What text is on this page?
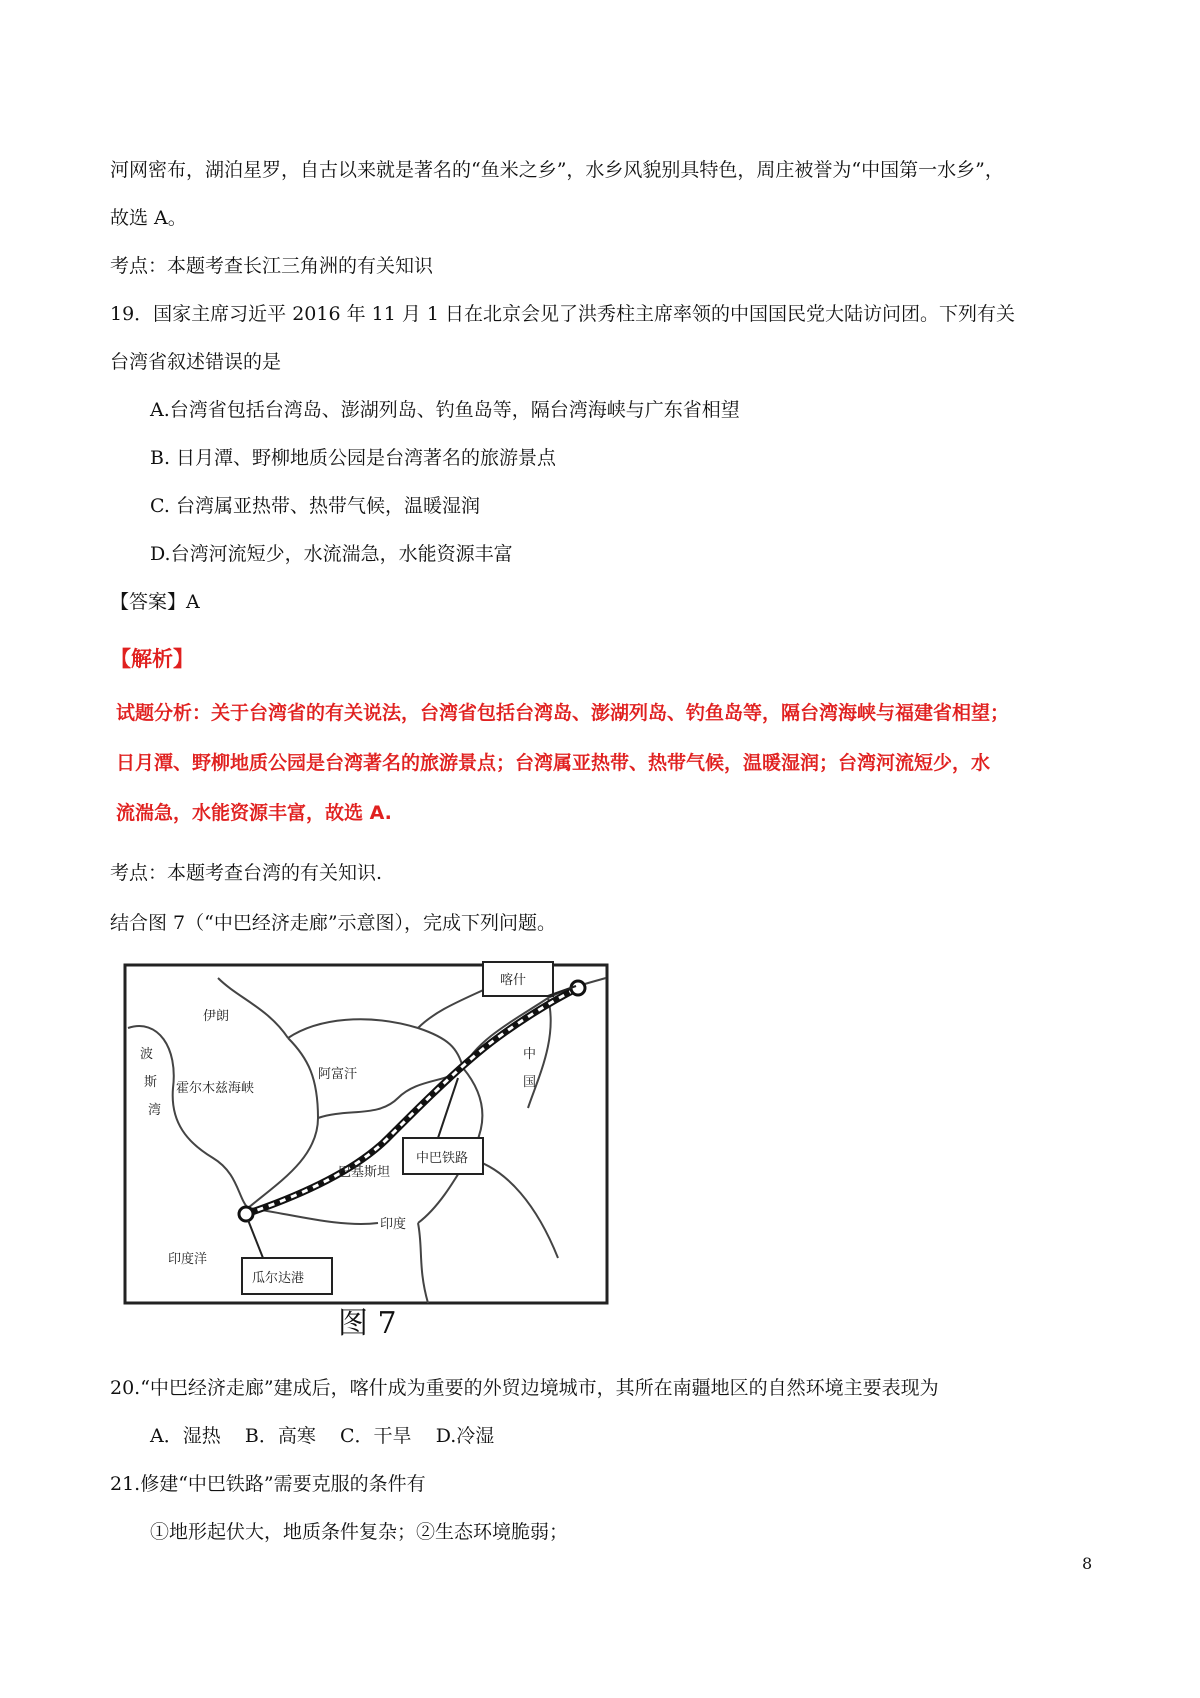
河网密布，湖泊星罗，自古以来就是著名的“鱼米之乡”，水乡风貌别具特色，周庄被誉为“中国第一水乡”，
故选 A。
考点：本题考查长江三角洲的有关知识
19．国家主席习近平 2016 年 11 月 1 日在北京会见了洪秀柱主席率领的中国国民党大陆访问团。下列有关
台湾省叙述错误的是
A.台湾省包括台湾岛、澎湖列岛、钓鱼岛等，隔台湾海峡与广东省相望
B. 日月潭、野柳地质公园是台湾著名的旅游景点
C. 台湾属亚热带、热带气候，温暖湿润
D.台湾河流短少，水流湍急，水能资源丰富
【答案】A
【解析】
试题分析：关于台湾省的有关说法，台湾省包括台湾岛、澎湖列岛、钓鱼岛等，隔台湾海峡与福建省相望；
日月潭、野柳地质公园是台湾著名的旅游景点；台湾属亚热带、热带气候，温暖湿润；台湾河流短少，水
流湍急，水能资源丰富，故选 A.
考点：本题考查台湾的有关知识.
结合图 7（“中巴经济走廊”示意图），完成下列问题。
伊朗
波
斯
湾
霍尔木兹海峡
阿富汗
中
国
巴基斯坦
印度
印度洋
喀什
中巴铁路
瓜尔达港
图 7
20.“中巴经济走廊”建成后，喀什成为重要的外贸边境城市，其所在南疆地区的自然环境主要表现为
A．湿热    B．高寒    C．干旱    D.冷湿
21.修建“中巴铁路”需要克服的条件有
①地形起伏大，地质条件复杂；②生态环境脆弱；
8
